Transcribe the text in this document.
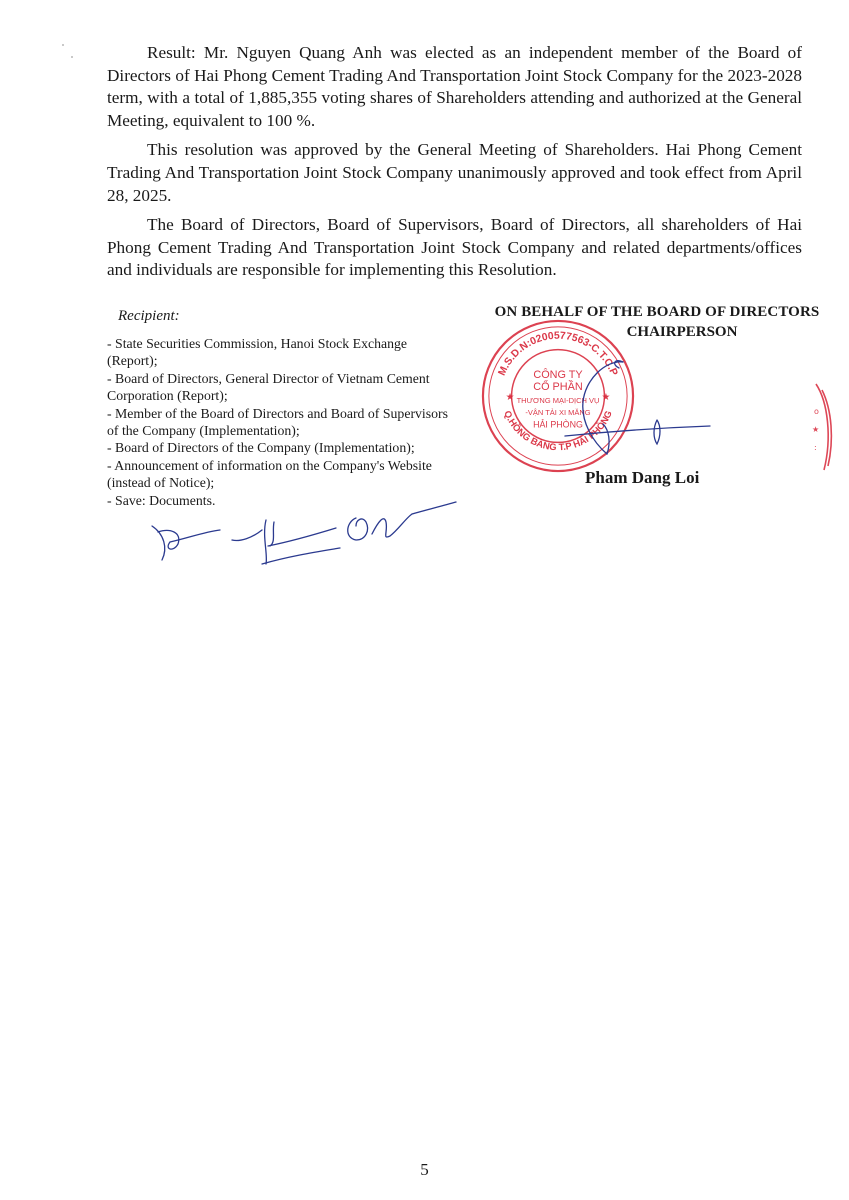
Result: Mr. Nguyen Quang Anh was elected as an independent member of the Board of Directors of Hai Phong Cement Trading And Transportation Joint Stock Company for the 2023-2028 term, with a total of 1,885,355 voting shares of Shareholders attending and authorized at the General Meeting, equivalent to 100 %.

This resolution was approved by the General Meeting of Shareholders. Hai Phong Cement Trading And Transportation Joint Stock Company unanimously approved and took effect from April 28, 2025.

The Board of Directors, Board of Supervisors, Board of Directors, all shareholders of Hai Phong Cement Trading And Transportation Joint Stock Company and related departments/offices and individuals are responsible for implementing this Resolution.

Recipient:
- State Securities Commission, Hanoi Stock Exchange (Report);
- Board of Directors, General Director of Vietnam Cement Corporation (Report);
- Member of the Board of Directors and Board of Supervisors of the Company (Implementation);
- Board of Directors of the Company (Implementation);
- Announcement of information on the Company's Website (instead of Notice);
- Save: Documents.
ON BEHALF OF THE BOARD OF DIRECTORS
CHAIRPERSON
M.S.D.N:0200577563-C.T.C.P
Q.HỒNG BÀNG T.P HẢI PHÒNG
★	★
CÔNG TY
CỔ PHẦN
THƯƠNG MẠI-DỊCH VỤ
-VẬN TẢI XI MĂNG
HẢI PHÒNG
Pham Dang Loi
o
★
:
5
